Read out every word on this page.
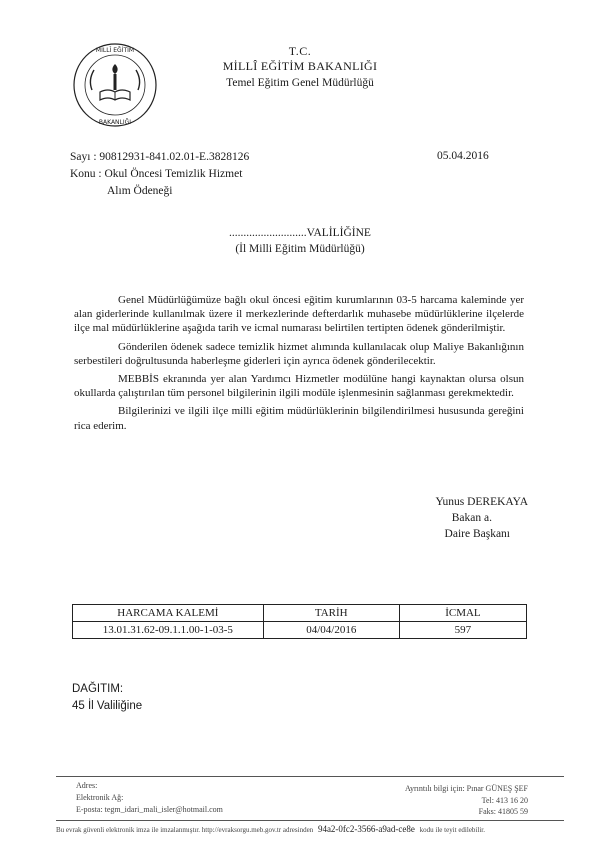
MİLLÎ EĞİTİM
BAKANLIĞI
T.C.
MİLLÎ EĞİTİM BAKANLIĞI
Temel Eğitim Genel Müdürlüğü
Sayı : 90812931-841.02.01-E.3828126	05.04.2016
Konu : Okul Öncesi Temizlik Hizmet
Alım Ödeneği
...........................VALİLİĞİNE
(İl Milli Eğitim Müdürlüğü)

Genel Müdürlüğümüze bağlı okul öncesi eğitim kurumlarının 03-5 harcama kaleminde yer alan giderlerinde kullanılmak üzere il merkezlerinde defterdarlık muhasebe müdürlüklerine ilçelerde ilçe mal müdürlüklerine aşağıda tarih ve icmal numarası belirtilen tertipten ödenek gönderilmiştir.

Gönderilen ödenek sadece temizlik hizmet alımında kullanılacak olup Maliye Bakanlığının serbestileri doğrultusunda haberleşme giderleri için ayrıca ödenek gönderilecektir.

MEBBİS ekranında yer alan Yardımcı Hizmetler modülüne hangi kaynaktan olursa olsun okullarda çalıştırılan tüm personel bilgilerinin ilgili modüle işlenmesinin sağlanması gerekmektedir.

Bilgilerinizi ve ilgili ilçe milli eğitim müdürlüklerinin bilgilendirilmesi hususunda gereğini rica ederim.

Yunus DEREKAYA
Bakan a.
Daire Başkanı
HARCAMA KALEMİ	TARİH	İCMAL
13.01.31.62-09.1.1.00-1-03-5	04/04/2016	597
DAĞITIM:
45 İl Valiliğine
Adres:
Elektronik Ağ:
E-posta: tegm_idari_mali_isler@hotmail.com
Ayrıntılı bilgi için: Pınar GÜNEŞ ŞEF
Tel: 413 16 20
Faks: 41805 59
Bu evrak güvenli elektronik imza ile imzalanmıştır. http://evraksorgu.meb.gov.tr adresinden 94a2-0fc2-3566-a9ad-ce8e kodu ile teyit edilebilir.
